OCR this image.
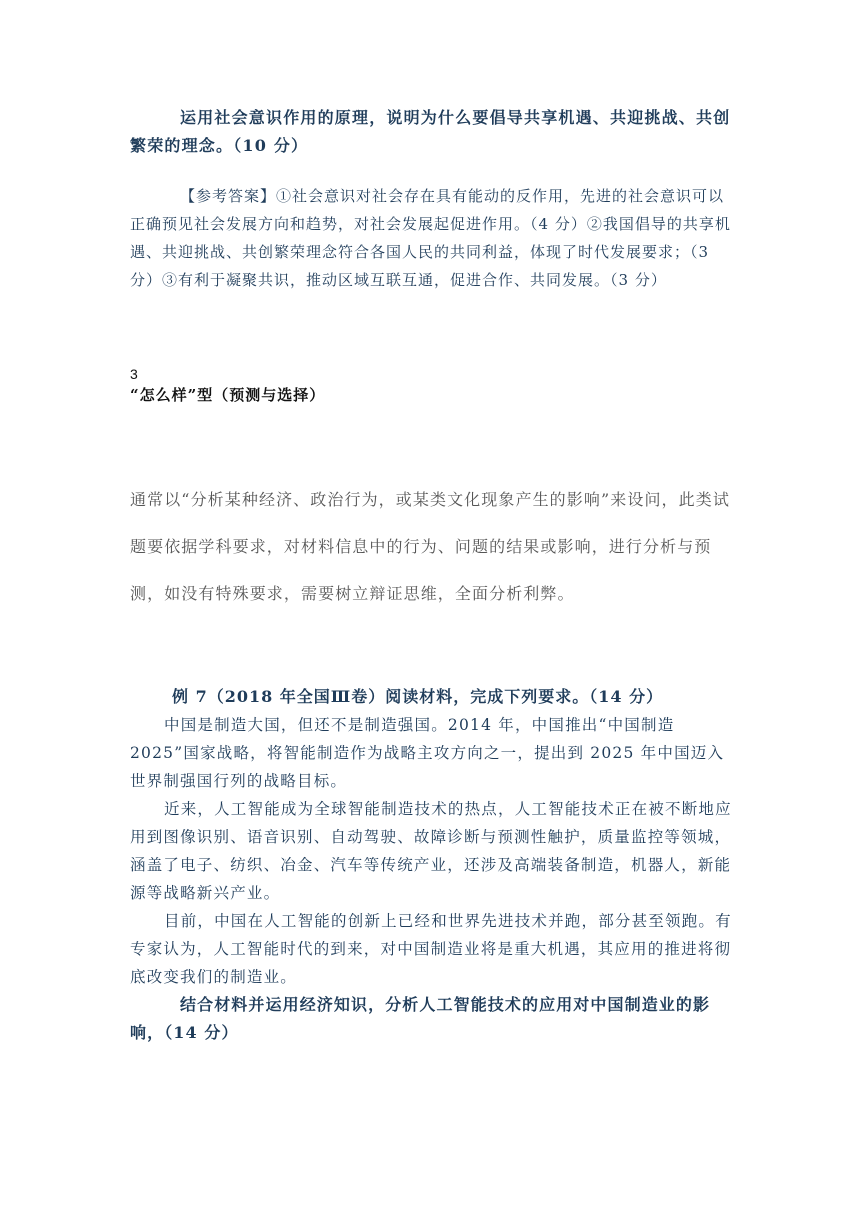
运用社会意识作用的原理，说明为什么要倡导共享机遇、共迎挑战、共创繁荣的理念。（10 分）

【参考答案】①社会意识对社会存在具有能动的反作用，先进的社会意识可以正确预见社会发展方向和趋势，对社会发展起促进作用。（4 分）②我国倡导的共享机遇、共迎挑战、共创繁荣理念符合各国人民的共同利益，体现了时代发展要求；（3 分）③有利于凝聚共识，推动区域互联互通，促进合作、共同发展。（3 分）

3
“怎么样”型（预测与选择）

通常以“分析某种经济、政治行为，或某类文化现象产生的影响”来设问，此类试题要依据学科要求，对材料信息中的行为、问题的结果或影响，进行分析与预测，如没有特殊要求，需要树立辩证思维，全面分析利弊。

例 7（2018 年全国Ⅲ卷）阅读材料，完成下列要求。（14 分）

中国是制造大国，但还不是制造强国。2014 年，中国推出“中国制造 2025”国家战略，将智能制造作为战略主攻方向之一，提出到 2025 年中国迈入世界制强国行列的战略目标。

近来，人工智能成为全球智能制造技术的热点，人工智能技术正在被不断地应用到图像识别、语音识别、自动驾驶、故障诊断与预测性触护，质量监控等领城，涵盖了电子、纺织、冶金、汽车等传统产业，还涉及高端装备制造，机器人，新能源等战略新兴产业。

目前，中国在人工智能的创新上已经和世界先进技术并跑，部分甚至领跑。有专家认为，人工智能时代的到来，对中国制造业将是重大机遇，其应用的推进将彻底改变我们的制造业。

结合材料并运用经济知识，分析人工智能技术的应用对中国制造业的影响，（14 分）
